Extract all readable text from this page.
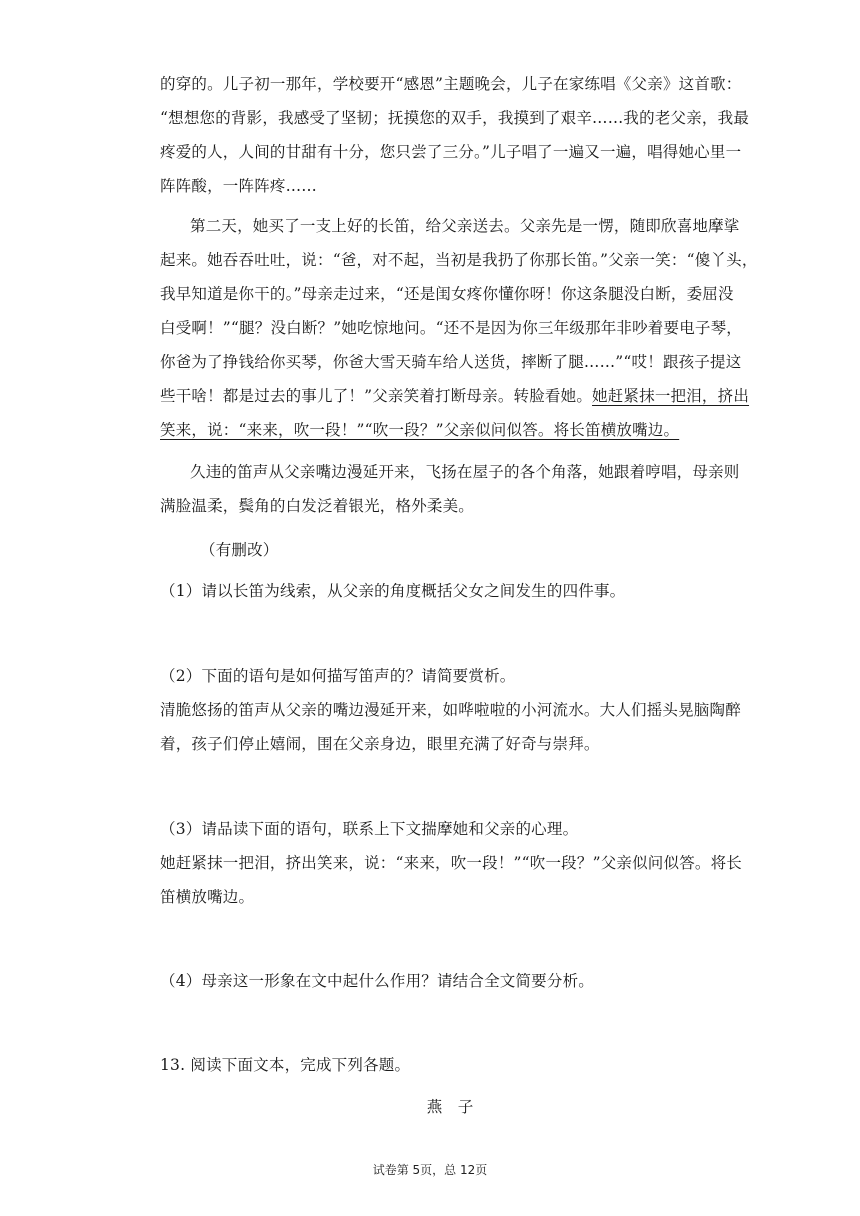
的穿的。儿子初一那年，学校要开“感恩”主题晚会，儿子在家练唱《父亲》这首歌：
“想想您的背影，我感受了坚韧；抚摸您的双手，我摸到了艰辛……我的老父亲，我最
疼爱的人，人间的甘甜有十分，您只尝了三分。”儿子唱了一遍又一遍，唱得她心里一
阵阵酸，一阵阵疼……
第二天，她买了一支上好的长笛，给父亲送去。父亲先是一愣，随即欣喜地摩挲
起来。她吞吞吐吐，说：“爸，对不起，当初是我扔了你那长笛。”父亲一笑：“傻丫头，
我早知道是你干的。”母亲走过来，“还是闺女疼你懂你呀！你这条腿没白断，委屈没
白受啊！”“腿？没白断？”她吃惊地问。“还不是因为你三年级那年非吵着要电子琴，
你爸为了挣钱给你买琴，你爸大雪天骑车给人送货，摔断了腿……”“哎！跟孩子提这
些干啥！都是过去的事儿了！”父亲笑着打断母亲。转脸看她。她赶紧抹一把泪，挤出
笑来，说：“来来，吹一段！”“吹一段？”父亲似问似答。将长笛横放嘴边。
久违的笛声从父亲嘴边漫延开来，飞扬在屋子的各个角落，她跟着哼唱，母亲则
满脸温柔，鬓角的白发泛着银光，格外柔美。
（有删改）
（1）请以长笛为线索，从父亲的角度概括父女之间发生的四件事。
（2）下面的语句是如何描写笛声的？请简要赏析。
清脆悠扬的笛声从父亲的嘴边漫延开来，如哗啦啦的小河流水。大人们摇头晃脑陶醉
着，孩子们停止嬉闹，围在父亲身边，眼里充满了好奇与崇拜。
（3）请品读下面的语句，联系上下文揣摩她和父亲的心理。
她赶紧抹一把泪，挤出笑来，说：“来来，吹一段！”“吹一段？”父亲似问似答。将长
笛横放嘴边。
（4）母亲这一形象在文中起什么作用？请结合全文简要分析。
13. 阅读下面文本，完成下列各题。
燕　子
试卷第 5页，总 12页
